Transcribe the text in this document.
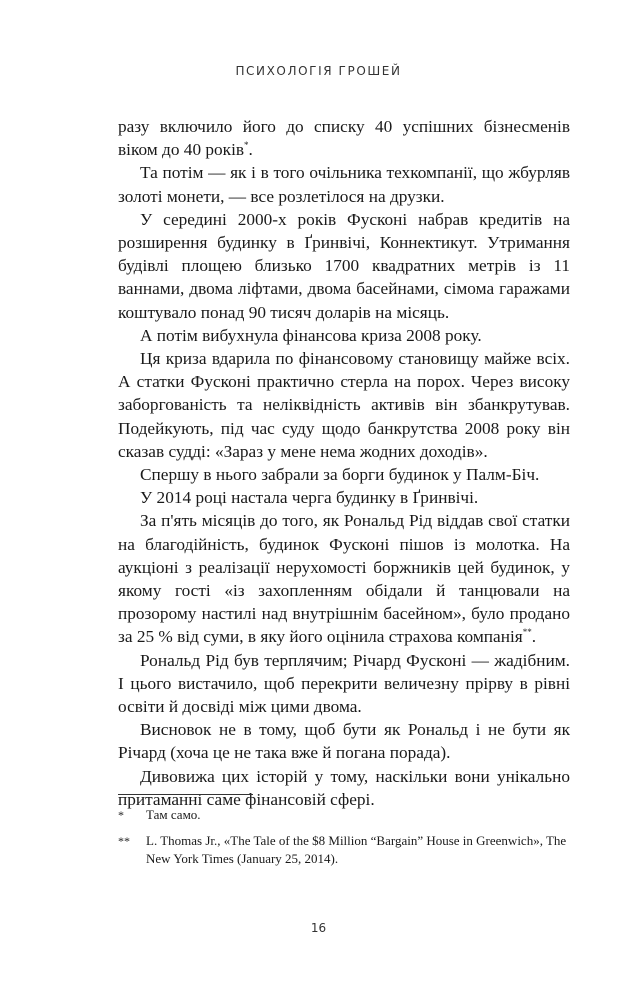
ПСИХОЛОГІЯ ГРОШЕЙ

разу включило його до списку 40 успішних бізнесменів віком до 40 років*.

Та потім — як і в того очільника техкомпанії, що жбурляв золоті монети, — все розлетілося на друзки.

У середині 2000-х років Фусконі набрав кредитів на розширення будинку в Ґринвічі, Коннектикут. Утримання будівлі площею близько 1700 квадратних метрів із 11 ваннами, двома ліфтами, двома басейнами, сімома гаражами коштувало понад 90 тисяч доларів на місяць.

А потім вибухнула фінансова криза 2008 року.

Ця криза вдарила по фінансовому становищу майже всіх. А статки Фусконі практично стерла на порох. Через високу заборгованість та неліквідність активів він збанкрутував. Подейкують, під час суду щодо банкрутства 2008 року він сказав судді: «Зараз у мене нема жодних доходів».

Спершу в нього забрали за борги будинок у Палм-Біч.

У 2014 році настала черга будинку в Ґринвічі.

За п'ять місяців до того, як Рональд Рід віддав свої статки на благодійність, будинок Фусконі пішов із молотка. На аукціоні з реалізації нерухомості боржників цей будинок, у якому гості «із захопленням обідали й танцювали на прозорому настилі над внутрішнім басейном», було продано за 25 % від суми, в яку його оцінила страхова компанія**.

Рональд Рід був терплячим; Річард Фусконі — жадібним. І цього вистачило, щоб перекрити величезну прірву в рівні освіти й досвіді між цими двома.

Висновок не в тому, щоб бути як Рональд і не бути як Річард (хоча це не така вже й погана порада).

Дивовижа цих історій у тому, наскільки вони унікально притаманні саме фінансовій сфері.

* Там само.
** L. Thomas Jr., «The Tale of the $8 Million “Bargain” House in Greenwich», The New York Times (January 25, 2014).
16
